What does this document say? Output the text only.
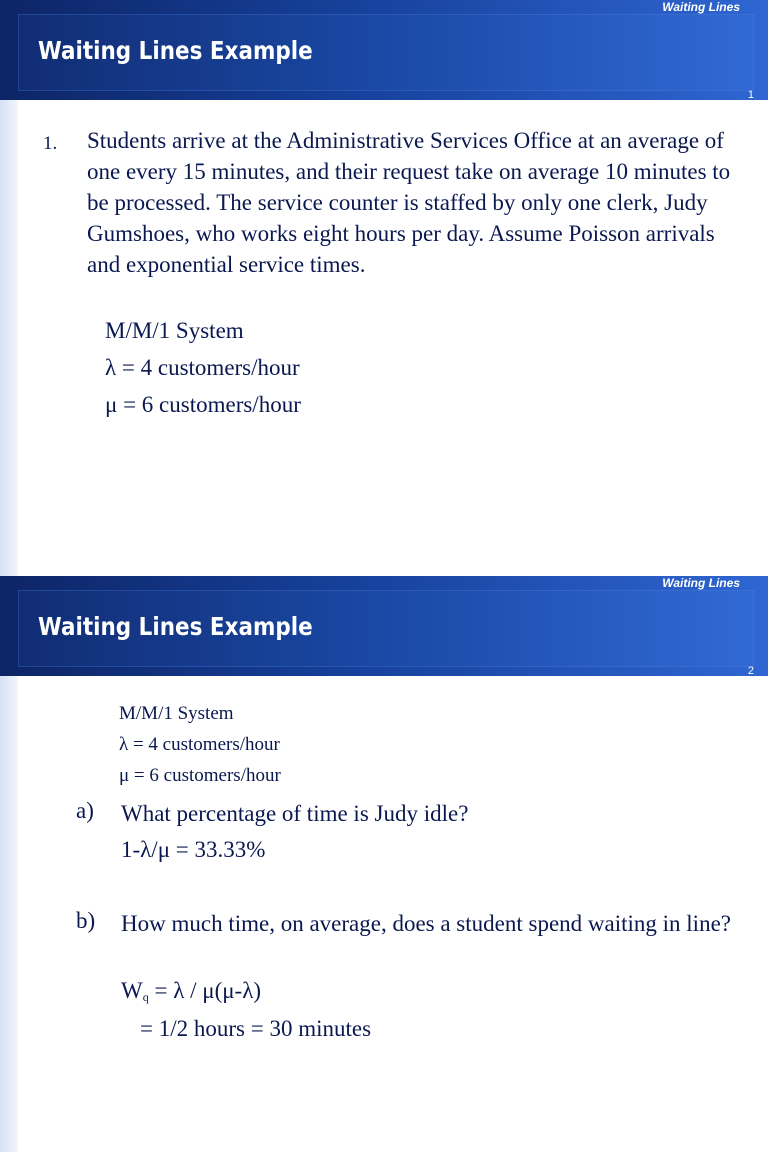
Waiting Lines
Waiting Lines Example
1
1. Students arrive at the Administrative Services Office at an average of one every 15 minutes, and their request take on average 10 minutes to be processed. The service counter is staffed by only one clerk, Judy Gumshoes, who works eight hours per day. Assume Poisson arrivals and exponential service times.

M/M/1 System
λ = 4 customers/hour
μ = 6 customers/hour
Waiting Lines
Waiting Lines Example
2
M/M/1 System
λ = 4 customers/hour
μ = 6 customers/hour
a) What percentage of time is Judy idle?
1-λ/μ = 33.33%
b) How much time, on average, does a student spend waiting in line?
$W_q = \lambda / \mu(\mu-\lambda)$
= 1/2 hours = 30 minutes
